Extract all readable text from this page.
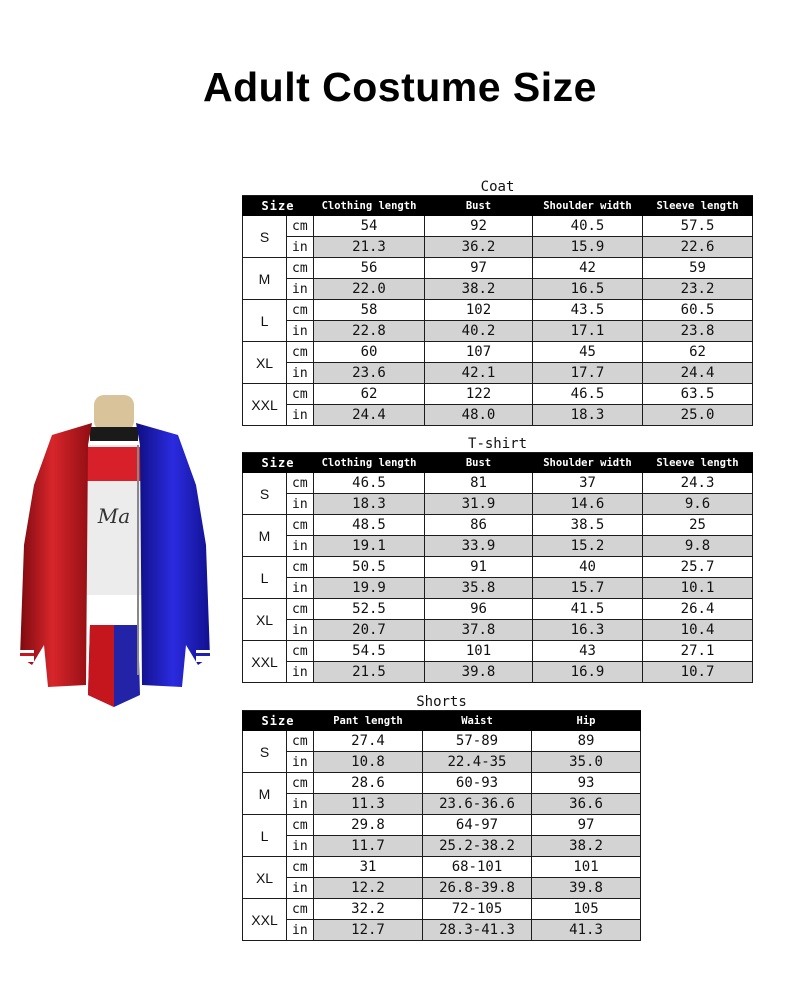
Adult Costume Size
Ma
Coat					
Size		Clothing length	Bust	Shoulder width	Sleeve length
S	cm	54	92	40.5	57.5
	in	21.3	36.2	15.9	22.6
M	cm	56	97	42	59
	in	22.0	38.2	16.5	23.2
L	cm	58	102	43.5	60.5
	in	22.8	40.2	17.1	23.8
XL	cm	60	107	45	62
	in	23.6	42.1	17.7	24.4
XXL	cm	62	122	46.5	63.5
	in	24.4	48.0	18.3	25.0
T-shirt					
Size		Clothing length	Bust	Shoulder width	Sleeve length
S	cm	46.5	81	37	24.3
	in	18.3	31.9	14.6	9.6
M	cm	48.5	86	38.5	25
	in	19.1	33.9	15.2	9.8
L	cm	50.5	91	40	25.7
	in	19.9	35.8	15.7	10.1
XL	cm	52.5	96	41.5	26.4
	in	20.7	37.8	16.3	10.4
XXL	cm	54.5	101	43	27.1
	in	21.5	39.8	16.9	10.7
Shorts				
Size		Pant length	Waist	Hip
S	cm	27.4	57-89	89
	in	10.8	22.4-35	35.0
M	cm	28.6	60-93	93
	in	11.3	23.6-36.6	36.6
L	cm	29.8	64-97	97
	in	11.7	25.2-38.2	38.2
XL	cm	31	68-101	101
	in	12.2	26.8-39.8	39.8
XXL	cm	32.2	72-105	105
	in	12.7	28.3-41.3	41.3
